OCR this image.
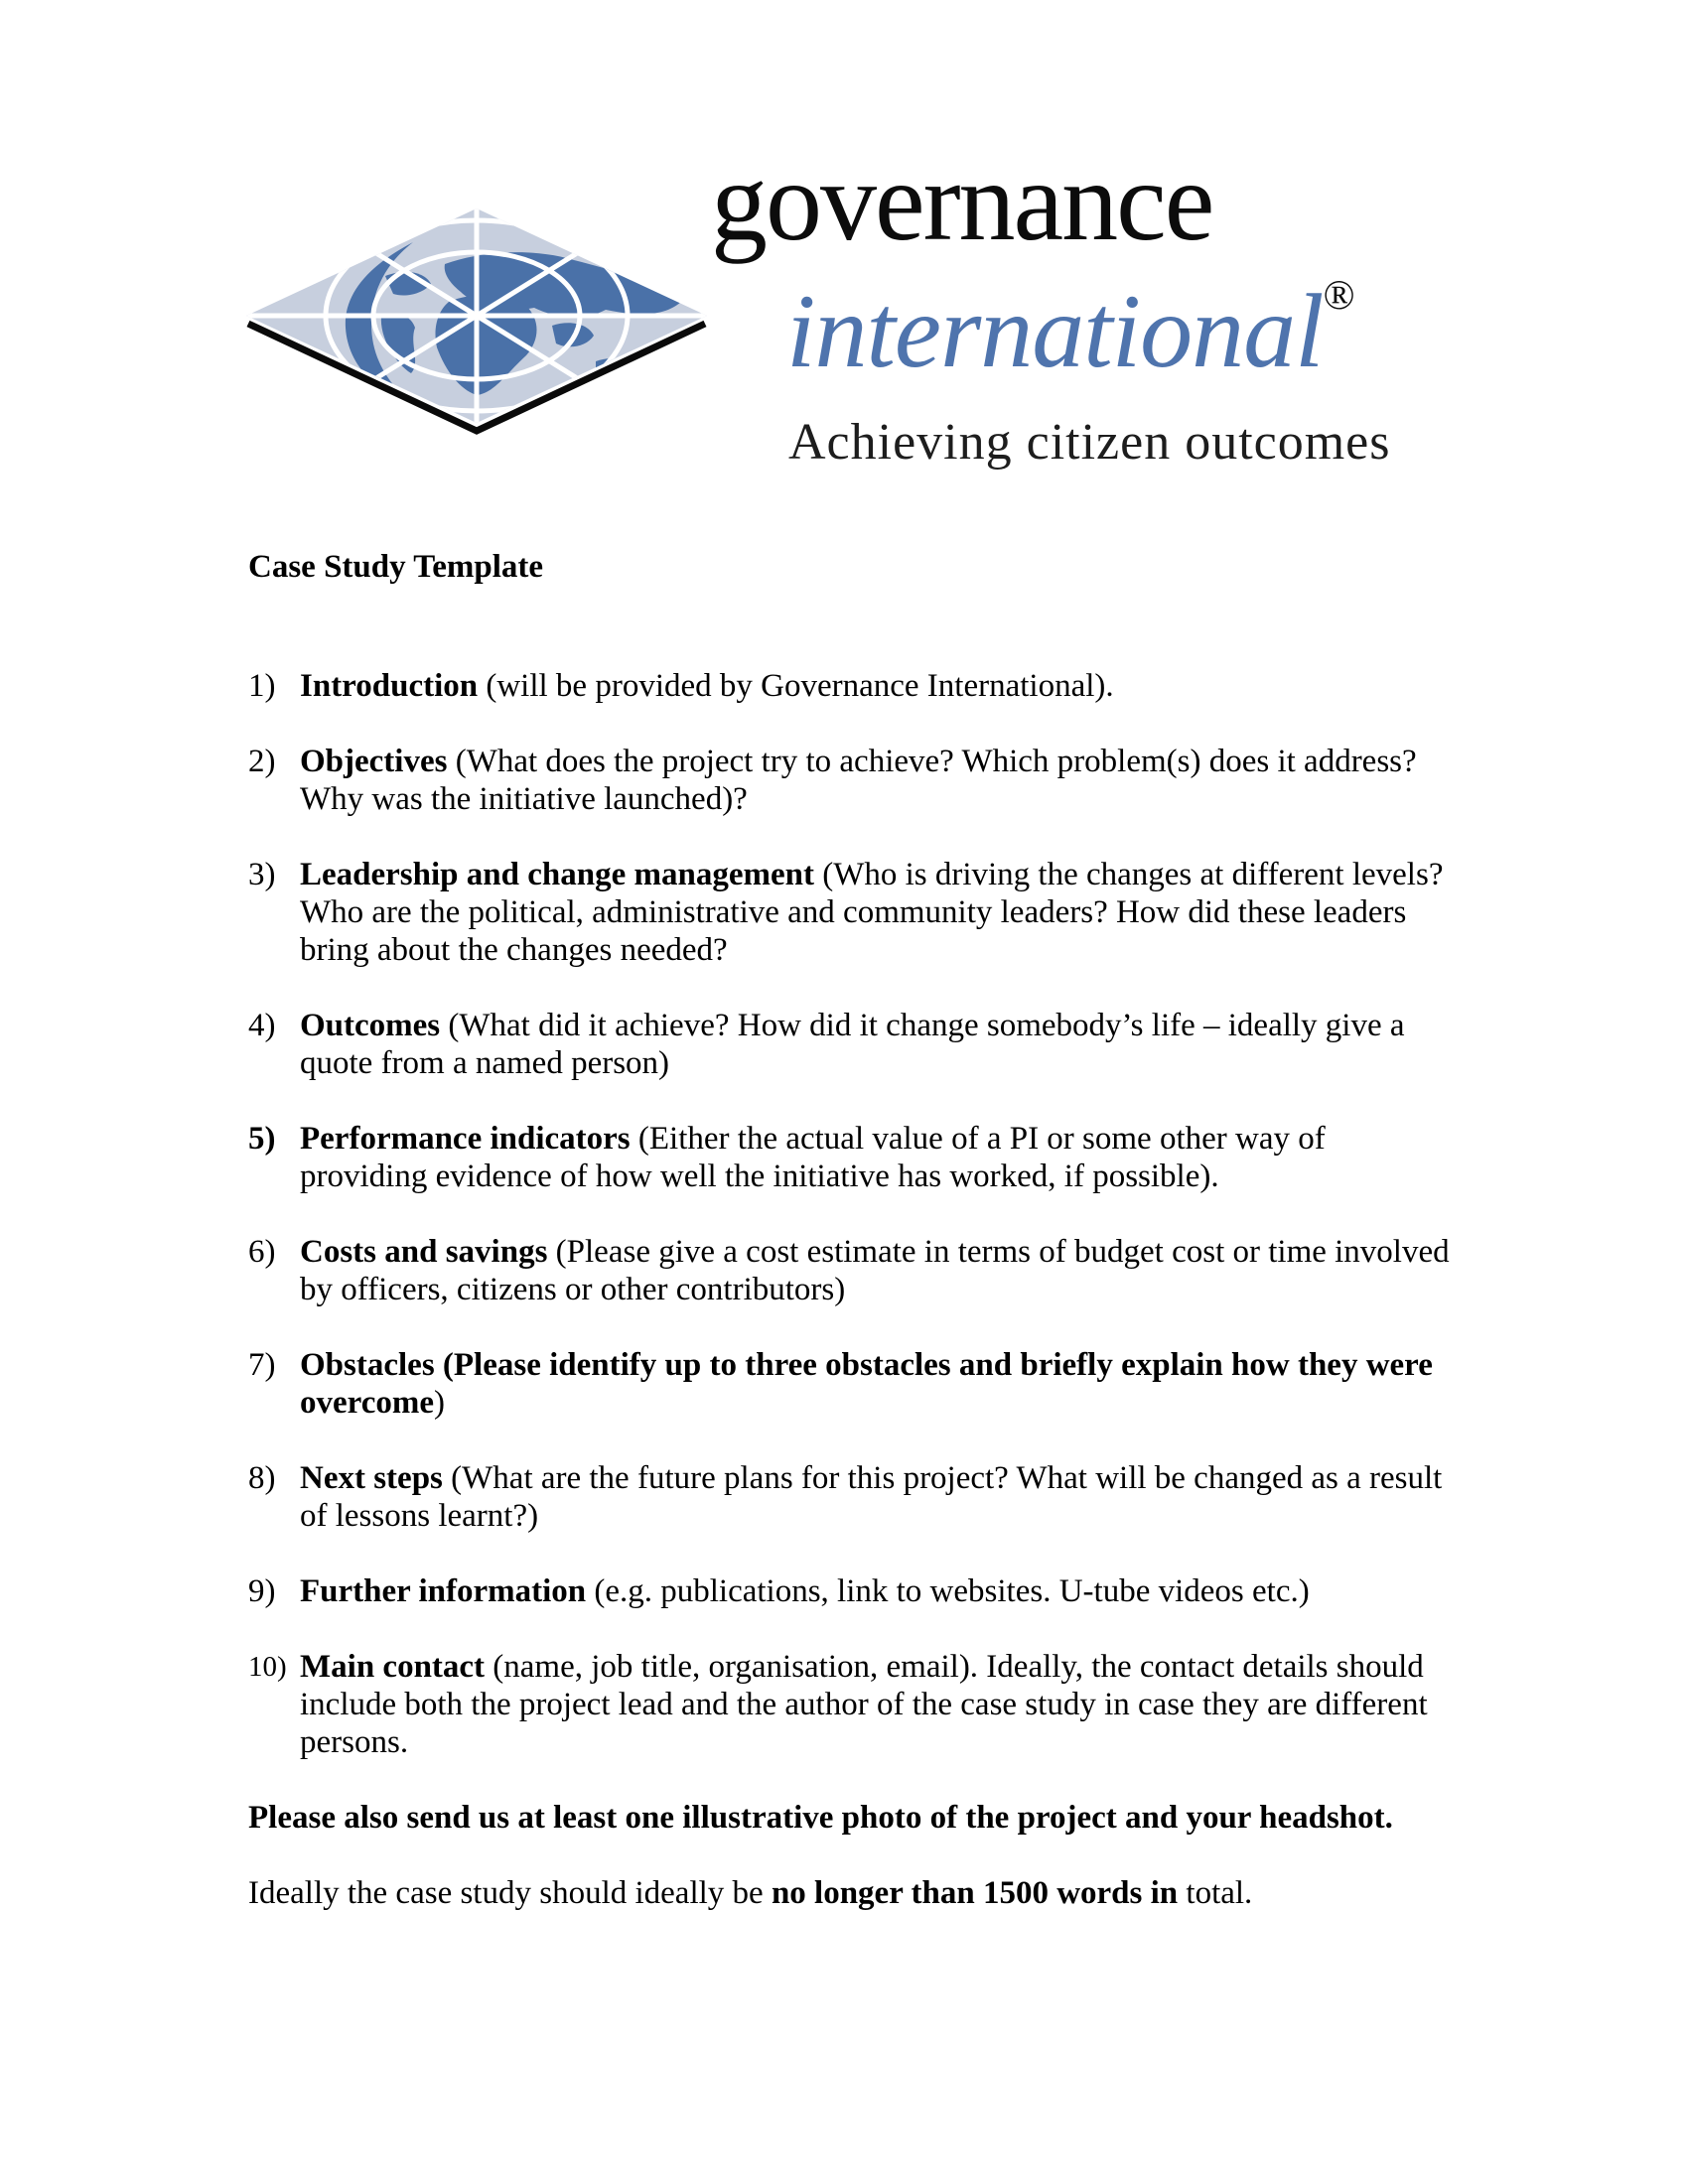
governance
international®
Achieving citizen outcomes

Case Study Template

1) Introduction (will be provided by Governance International).
2) Objectives (What does the project try to achieve? Which problem(s) does it address? Why was the initiative launched)?
3) Leadership and change management (Who is driving the changes at different levels? Who are the political, administrative and community leaders? How did these leaders bring about the changes needed?
4) Outcomes (What did it achieve? How did it change somebody’s life – ideally give a quote from a named person)
5) Performance indicators (Either the actual value of a PI or some other way of providing evidence of how well the initiative has worked, if possible).
6) Costs and savings (Please give a cost estimate in terms of budget cost or time involved by officers, citizens or other contributors)
7) Obstacles (Please identify up to three obstacles and briefly explain how they were overcome)
8) Next steps (What are the future plans for this project? What will be changed as a result of lessons learnt?)
9) Further information (e.g. publications, link to websites. U-tube videos etc.)
10) Main contact (name, job title, organisation, email). Ideally, the contact details should include both the project lead and the author of the case study in case they are different persons.

Please also send us at least one illustrative photo of the project and your headshot.

Ideally the case study should ideally be no longer than 1500 words in total.
